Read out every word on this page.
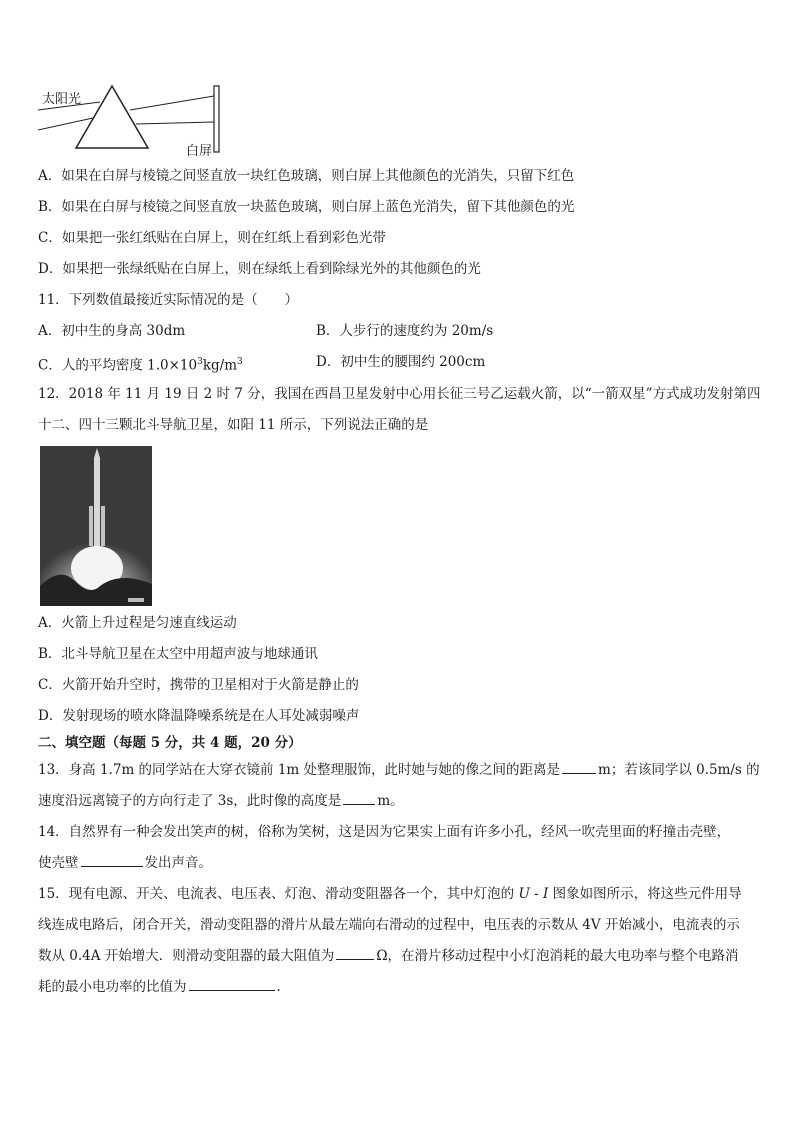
太阳光
白屏
A．如果在白屏与棱镜之间竖直放一块红色玻璃，则白屏上其他颜色的光消失，只留下红色
B．如果在白屏与棱镜之间竖直放一块蓝色玻璃，则白屏上蓝色光消失，留下其他颜色的光
C．如果把一张红纸贴在白屏上，则在红纸上看到彩色光带
D．如果把一张绿纸贴在白屏上，则在绿纸上看到除绿光外的其他颜色的光
11．下列数值最接近实际情况的是（　　）
A．初中生的身高 30dm	B．人步行的速度约为 20m/s
C．人的平均密度 $1.0\times 10^3kg/m^3$	D．初中生的腰围约 200cm
12．2018 年 11 月 19 日 2 时 7 分，我国在西昌卫星发射中心用长征三号乙运载火箭，以“一箭双星”方式成功发射第四
十二、四十三颗北斗导航卫星，如阳 11 所示，下列说法正确的是
A．火箭上升过程是匀速直线运动
B．北斗导航卫星在太空中用超声波与地球通讯
C．火箭开始升空时，携带的卫星相对于火箭是静止的
D．发射现场的喷水降温降噪系统是在人耳处减弱噪声
二、填空题（每题 5 分，共 4 题，20 分）
13．身高 1.7m 的同学站在大穿衣镜前 1m 处整理服饰，此时她与她的像之间的距离是	m；若该同学以 0.5m/s 的
速度沿远离镜子的方向行走了 3s，此时像的高度是	m。
14．自然界有一种会发出笑声的树，俗称为笑树，这是因为它果实上面有许多小孔，经风一吹壳里面的籽撞击壳壁，
使壳壁	发出声音。
15．现有电源、开关、电流表、电压表、灯泡、滑动变阻器各一个，其中灯泡的 U - I 图象如图所示，将这些元件用导
线连成电路后，闭合开关，滑动变阻器的滑片从最左端向右滑动的过程中，电压表的示数从 4V 开始减小，电流表的示
数从 0.4A 开始增大．则滑动变阻器的最大阻值为	Ω，在滑片移动过程中小灯泡消耗的最大电功率与整个电路消
耗的最小电功率的比值为	.
